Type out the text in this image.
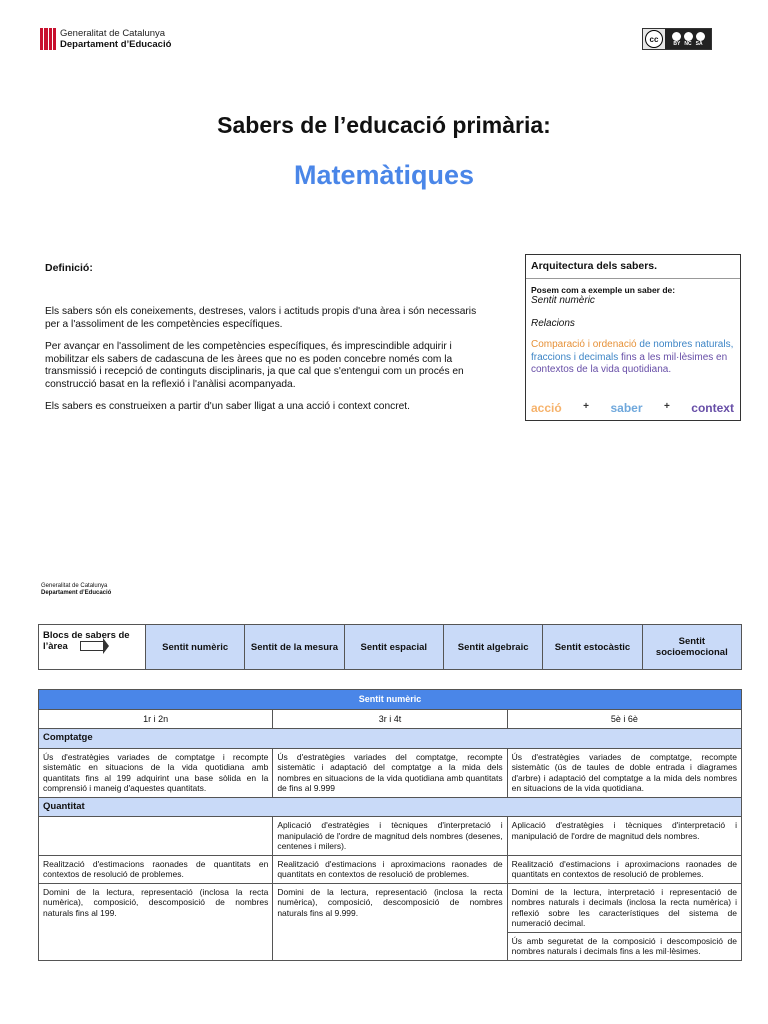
Generalitat de Catalunya
Departament d’Educació	cc	BY NC SA
Sabers de l’educació primària:
Matemàtiques
Definició:

Els sabers són els coneixements, destreses, valors i actituds propis d'una àrea i són necessaris per a l'assoliment de les competències específiques.

Per avançar en l'assoliment de les competències específiques, és imprescindible adquirir i mobilitzar els sabers de cadascuna de les àrees que no es poden concebre només com la transmissió i recepció de continguts disciplinaris, ja que cal que s'entengui com un procés en construcció basat en la reflexió i l'anàlisi acompanyada.

Els sabers es construeixen a partir d'un saber lligat a una acció i context concret.

Arquitectura dels sabers.
Posem com a exemple un saber de:
Sentit numèric
Relacions
Comparació i ordenació de nombres naturals, fraccions i decimals fins a les mil·lèsimes en contextos de la vida quotidiana.
acció + saber + context
Generalitat de Catalunya
Departament d’Educació
Blocs de sabers de l’àrea	Sentit numèric	Sentit de la mesura	Sentit espacial	Sentit algebraic	Sentit estocàstic	Sentit socioemocional
Sentit numèric		
1r i 2n	3r i 4t	5è i 6è
Comptatge		
Ús d'estratègies variades de comptatge i recompte sistemàtic en situacions de la vida quotidiana amb quantitats fins al 199 adquirint una base sòlida en la comprensió i maneig d'aquestes quantitats.	Ús d'estratègies variades del comptatge, recompte sistemàtic i adaptació del comptatge a la mida dels nombres en situacions de la vida quotidiana amb quantitats de fins al 9.999	Ús d'estratègies variades de comptatge, recompte sistemàtic (ús de taules de doble entrada i diagrames d'arbre) i adaptació del comptatge a la mida dels nombres en situacions de la vida quotidiana.
Quantitat		
	Aplicació d'estratègies i tècniques d'interpretació i manipulació de l'ordre de magnitud dels nombres (desenes, centenes i milers).	Aplicació d'estratègies i tècniques d'interpretació i manipulació de l'ordre de magnitud dels nombres.
Realització d'estimacions raonades de quantitats en contextos de resolució de problemes.	Realització d'estimacions i aproximacions raonades de quantitats en contextos de resolució de problemes.	Realització d'estimacions i aproximacions raonades de quantitats en contextos de resolució de problemes.
Domini de la lectura, representació (inclosa la recta numèrica), composició, descomposició de nombres naturals fins al 199.	Domini de la lectura, representació (inclosa la recta numèrica), composició, descomposició de nombres naturals fins al 9.999.	Domini de la lectura, interpretació i representació de nombres naturals i decimals (inclosa la recta numèrica) i reflexió sobre les característiques del sistema de numeració decimal.
		Ús amb seguretat de la composició i descomposició de nombres naturals i decimals fins a les mil·lèsimes.
